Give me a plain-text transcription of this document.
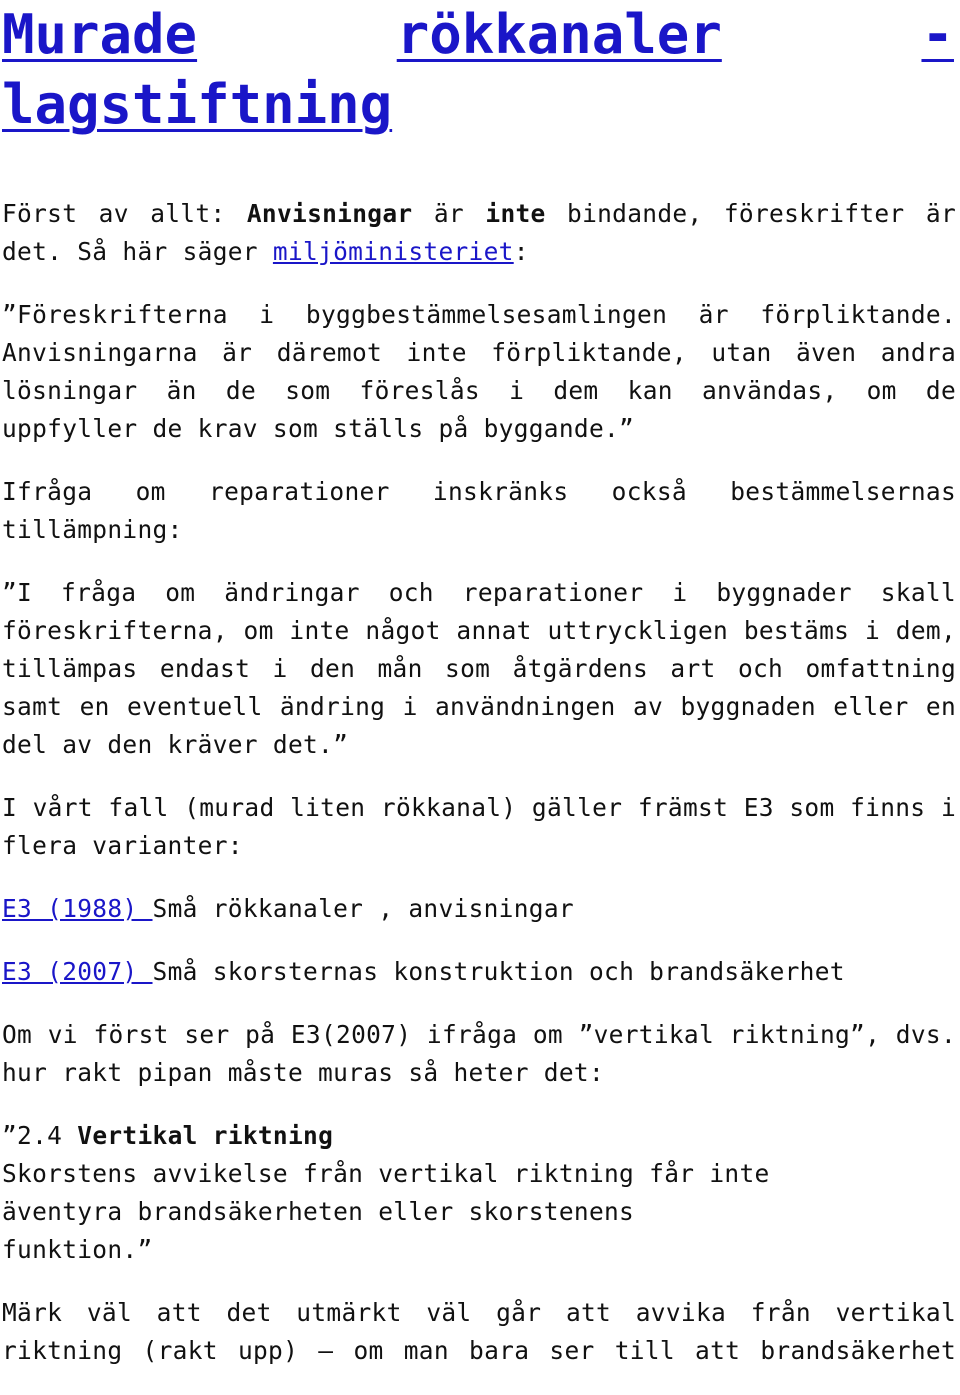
Murade	rökkanaler	-
lagstiftning

Först av allt: Anvisningar är inte bindande, föreskrifter är det. Så här säger miljöministeriet:

”Föreskrifterna i byggbestämmelsesamlingen är förpliktande. Anvisningarna är däremot inte förpliktande, utan även andra lösningar än de som föreslås i dem kan användas, om de uppfyller de krav som ställs på byggande.”

Ifråga om reparationer inskränks också bestämmelsernas tillämpning:

”I fråga om ändringar och reparationer i byggnader skall föreskrifterna, om inte något annat uttryckligen bestäms i dem, tillämpas endast i den mån som åtgärdens art och omfattning samt en eventuell ändring i användningen av byggnaden eller en del av den kräver det.”

I vårt fall (murad liten rökkanal) gäller främst E3 som finns i flera varianter:

E3 (1988) Små rökkanaler , anvisningar

E3 (2007) Små skorsternas konstruktion och brandsäkerhet

Om vi först ser på E3(2007) ifråga om ”vertikal riktning”, dvs. hur rakt pipan måste muras så heter det:

”2.4 Vertikal riktning
Skorstens avvikelse från vertikal riktning får inte
äventyra brandsäkerheten eller skorstenens
funktion.”

Märk väl att det utmärkt väl går att avvika från vertikal riktning (rakt upp) – om man bara ser till att brandsäkerhet
